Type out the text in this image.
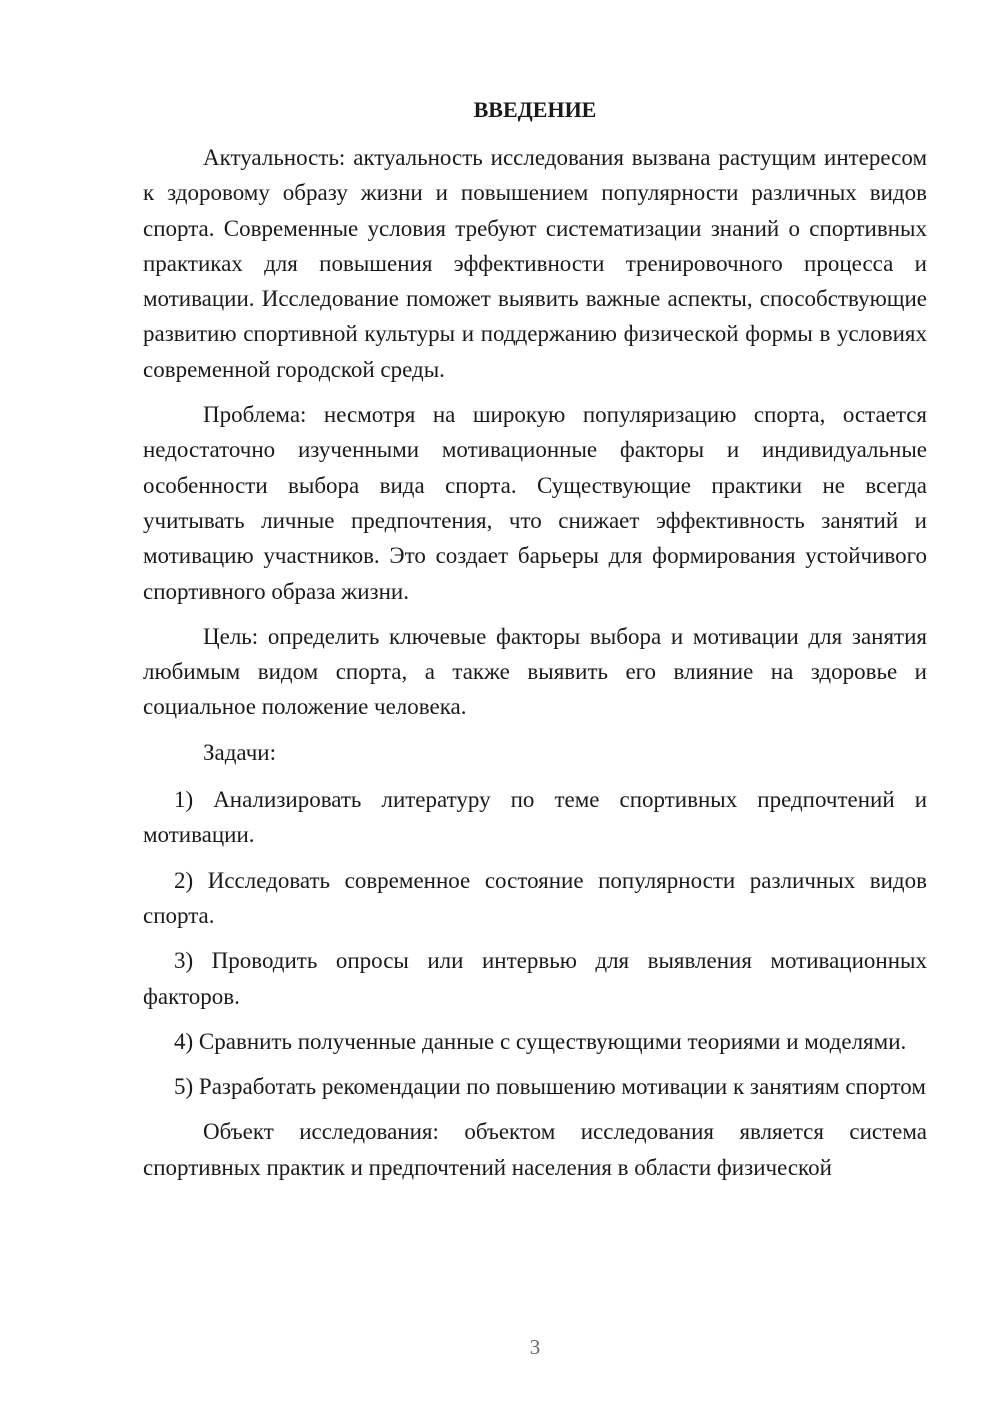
ВВЕДЕНИЕ

Актуальность: актуальность исследования вызвана растущим интересом к здоровому образу жизни и повышением популярности различных видов спорта. Современные условия требуют систематизации знаний о спортивных практиках для повышения эффективности тренировочного процесса и мотивации. Исследование поможет выявить важные аспекты, способствующие развитию спортивной культуры и поддержанию физической формы в условиях современной городской среды.

Проблема: несмотря на широкую популяризацию спорта, остается недостаточно изученными мотивационные факторы и индивидуальные особенности выбора вида спорта. Существующие практики не всегда учитывать личные предпочтения, что снижает эффективность занятий и мотивацию участников. Это создает барьеры для формирования устойчивого спортивного образа жизни.

Цель: определить ключевые факторы выбора и мотивации для занятия любимым видом спорта, а также выявить его влияние на здоровье и социальное положение человека.

Задачи:

1) Анализировать литературу по теме спортивных предпочтений и мотивации.

2) Исследовать современное состояние популярности различных видов спорта.

3) Проводить опросы или интервью для выявления мотивационных факторов.

4) Сравнить полученные данные с существующими теориями и моделями.

5) Разработать рекомендации по повышению мотивации к занятиям спортом

Объект исследования: объектом исследования является система спортивных практик и предпочтений населения в области физической

3
